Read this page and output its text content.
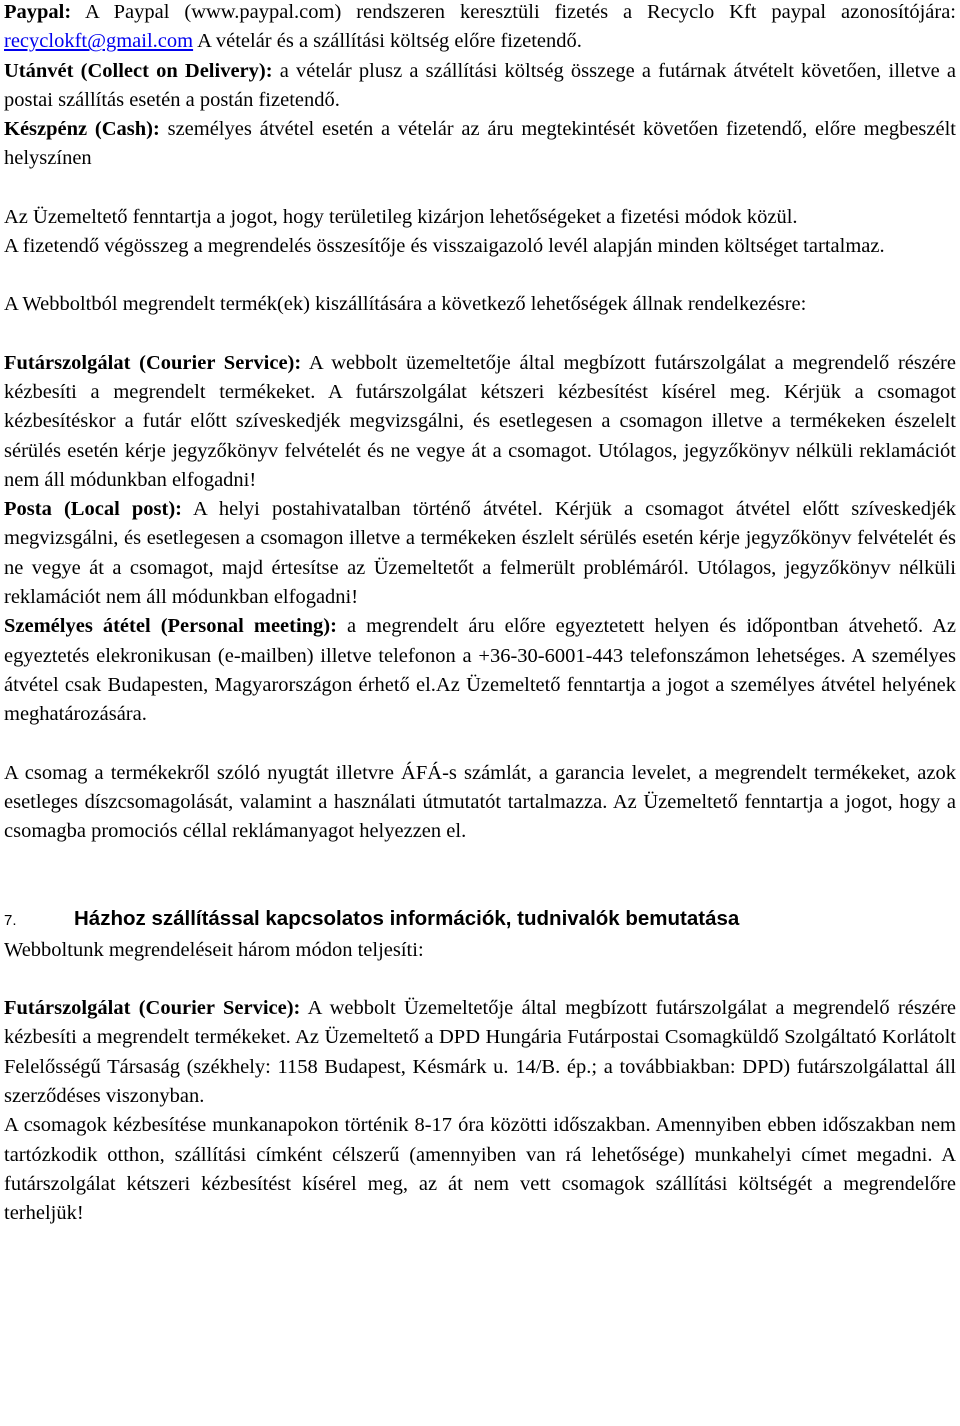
Paypal: A Paypal (www.paypal.com) rendszeren keresztüli fizetés a Recyclo Kft paypal azonosítójára: recyclokft@gmail.com A vételár és a szállítási költség előre fizetendő.

Utánvét (Collect on Delivery): a vételár plusz a szállítási költség összege a futárnak átvételt követően, illetve a postai szállítás esetén a postán fizetendő.

Készpénz (Cash): személyes átvétel esetén a vételár az áru megtekintését követően fizetendő, előre megbeszélt helyszínen

Az Üzemeltető fenntartja a jogot, hogy területileg kizárjon lehetőségeket a fizetési módok közül.

A fizetendő végösszeg a megrendelés összesítője és visszaigazoló levél alapján minden költséget tartalmaz.

A Webboltból megrendelt termék(ek) kiszállítására a következő lehetőségek állnak rendelkezésre:

Futárszolgálat (Courier Service): A webbolt üzemeltetője által megbízott futárszolgálat a megrendelő részére kézbesíti a megrendelt termékeket. A futárszolgálat kétszeri kézbesítést kísérel meg. Kérjük a csomagot kézbesítéskor a futár előtt szíveskedjék megvizsgálni, és esetlegesen a csomagon illetve a termékeken észelelt sérülés esetén kérje jegyzőkönyv felvételét és ne vegye át a csomagot. Utólagos, jegyzőkönyv nélküli reklamációt nem áll módunkban elfogadni!

Posta (Local post): A helyi postahivatalban történő átvétel. Kérjük a csomagot átvétel előtt szíveskedjék megvizsgálni, és esetlegesen a csomagon illetve a termékeken észlelt sérülés esetén kérje jegyzőkönyv felvételét és ne vegye át a csomagot, majd értesítse az Üzemeltetőt a felmerült problémáról. Utólagos, jegyzőkönyv nélküli reklamációt nem áll módunkban elfogadni!

Személyes átétel (Personal meeting): a megrendelt áru előre egyeztetett helyen és időpontban átvehető. Az egyeztetés elekronikusan (e-mailben) illetve telefonon a +36-30-6001-443 telefonszámon lehetséges. A személyes átvétel csak Budapesten, Magyarországon érhető el.Az Üzemeltető fenntartja a jogot a személyes átvétel helyének meghatározására.

A csomag a termékekről szóló nyugtát illetvre ÁFÁ-s számlát, a garancia levelet, a megrendelt termékeket, azok esetleges díszcsomagolását, valamint a használati útmutatót tartalmazza. Az Üzemeltető fenntartja a jogot, hogy a csomagba promociós céllal reklámanyagot helyezzen el.

7.	Házhoz szállítással kapcsolatos információk, tudnivalók bemutatása

Webboltunk megrendeléseit három módon teljesíti:

Futárszolgálat (Courier Service): A webbolt Üzemeltetője által megbízott futárszolgálat a megrendelő részére kézbesíti a megrendelt termékeket. Az Üzemeltető a DPD Hungária Futárpostai Csomagküldő Szolgáltató Korlátolt Felelősségű Társaság (székhely: 1158 Budapest, Késmárk u. 14/B. ép.; a továbbiakban: DPD) futárszolgálattal áll szerződéses viszonyban.

A csomagok kézbesítése munkanapokon történik 8-17 óra közötti időszakban. Amennyiben ebben időszakban nem tartózkodik otthon, szállítási címként célszerű (amennyiben van rá lehetősége) munkahelyi címet megadni. A futárszolgálat kétszeri kézbesítést kísérel meg, az át nem vett csomagok szállítási költségét a megrendelőre terheljük!
